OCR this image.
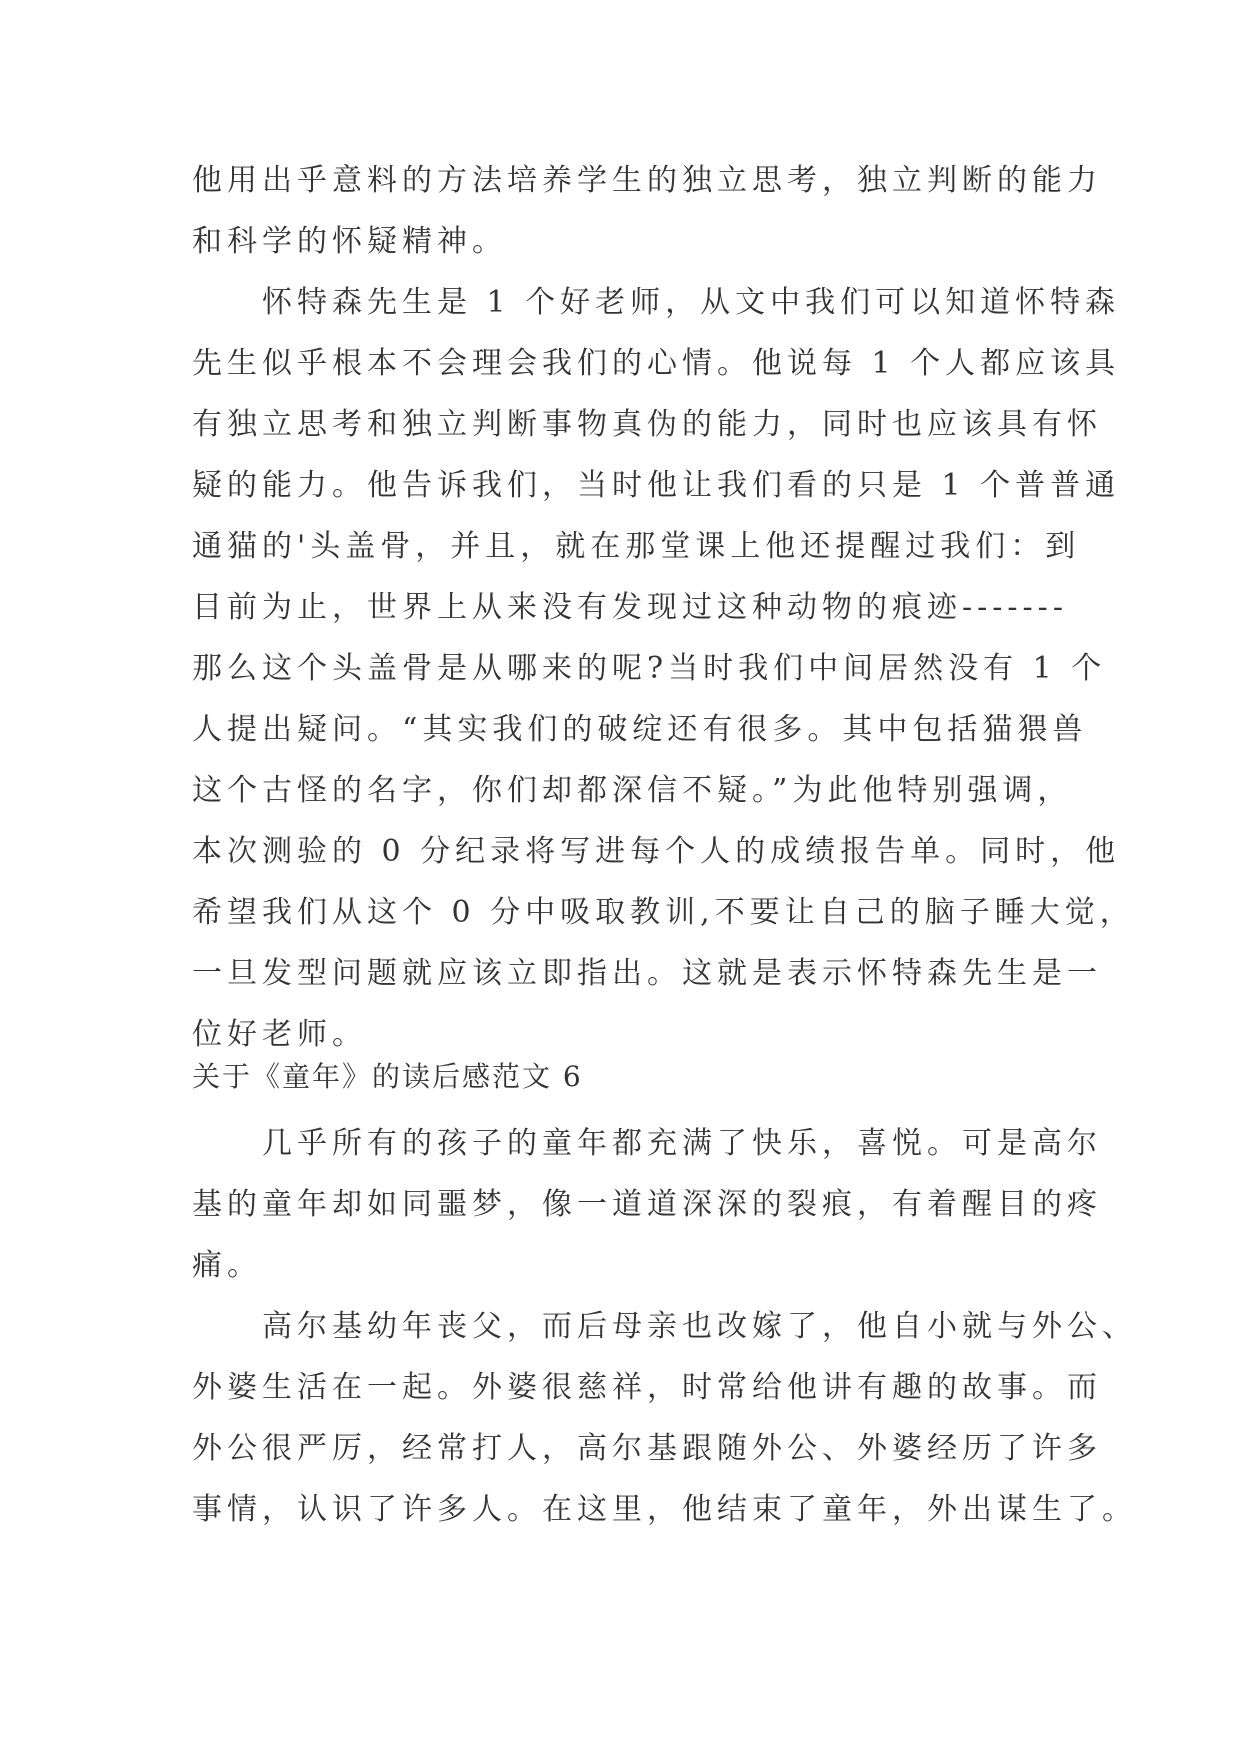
他用出乎意料的方法培养学生的独立思考，独立判断的能力
和科学的怀疑精神。
　　怀特森先生是 1 个好老师，从文中我们可以知道怀特森
先生似乎根本不会理会我们的心情。他说每 1 个人都应该具
有独立思考和独立判断事物真伪的能力，同时也应该具有怀
疑的能力。他告诉我们，当时他让我们看的只是 1 个普普通
通猫的'头盖骨，并且，就在那堂课上他还提醒过我们：到
目前为止，世界上从来没有发现过这种动物的痕迹-------
那么这个头盖骨是从哪来的呢?当时我们中间居然没有 1 个
人提出疑问。“其实我们的破绽还有很多。其中包括猫猥兽
这个古怪的名字，你们却都深信不疑。”为此他特别强调，
本次测验的 0 分纪录将写进每个人的成绩报告单。同时，他
希望我们从这个 0 分中吸取教训,不要让自己的脑子睡大觉，
一旦发型问题就应该立即指出。这就是表示怀特森先生是一
位好老师。
关于《童年》的读后感范文 6
　　几乎所有的孩子的童年都充满了快乐，喜悦。可是高尔
基的童年却如同噩梦，像一道道深深的裂痕，有着醒目的疼
痛。
　　高尔基幼年丧父，而后母亲也改嫁了，他自小就与外公、
外婆生活在一起。外婆很慈祥，时常给他讲有趣的故事。而
外公很严厉，经常打人，高尔基跟随外公、外婆经历了许多
事情，认识了许多人。在这里，他结束了童年，外出谋生了。
